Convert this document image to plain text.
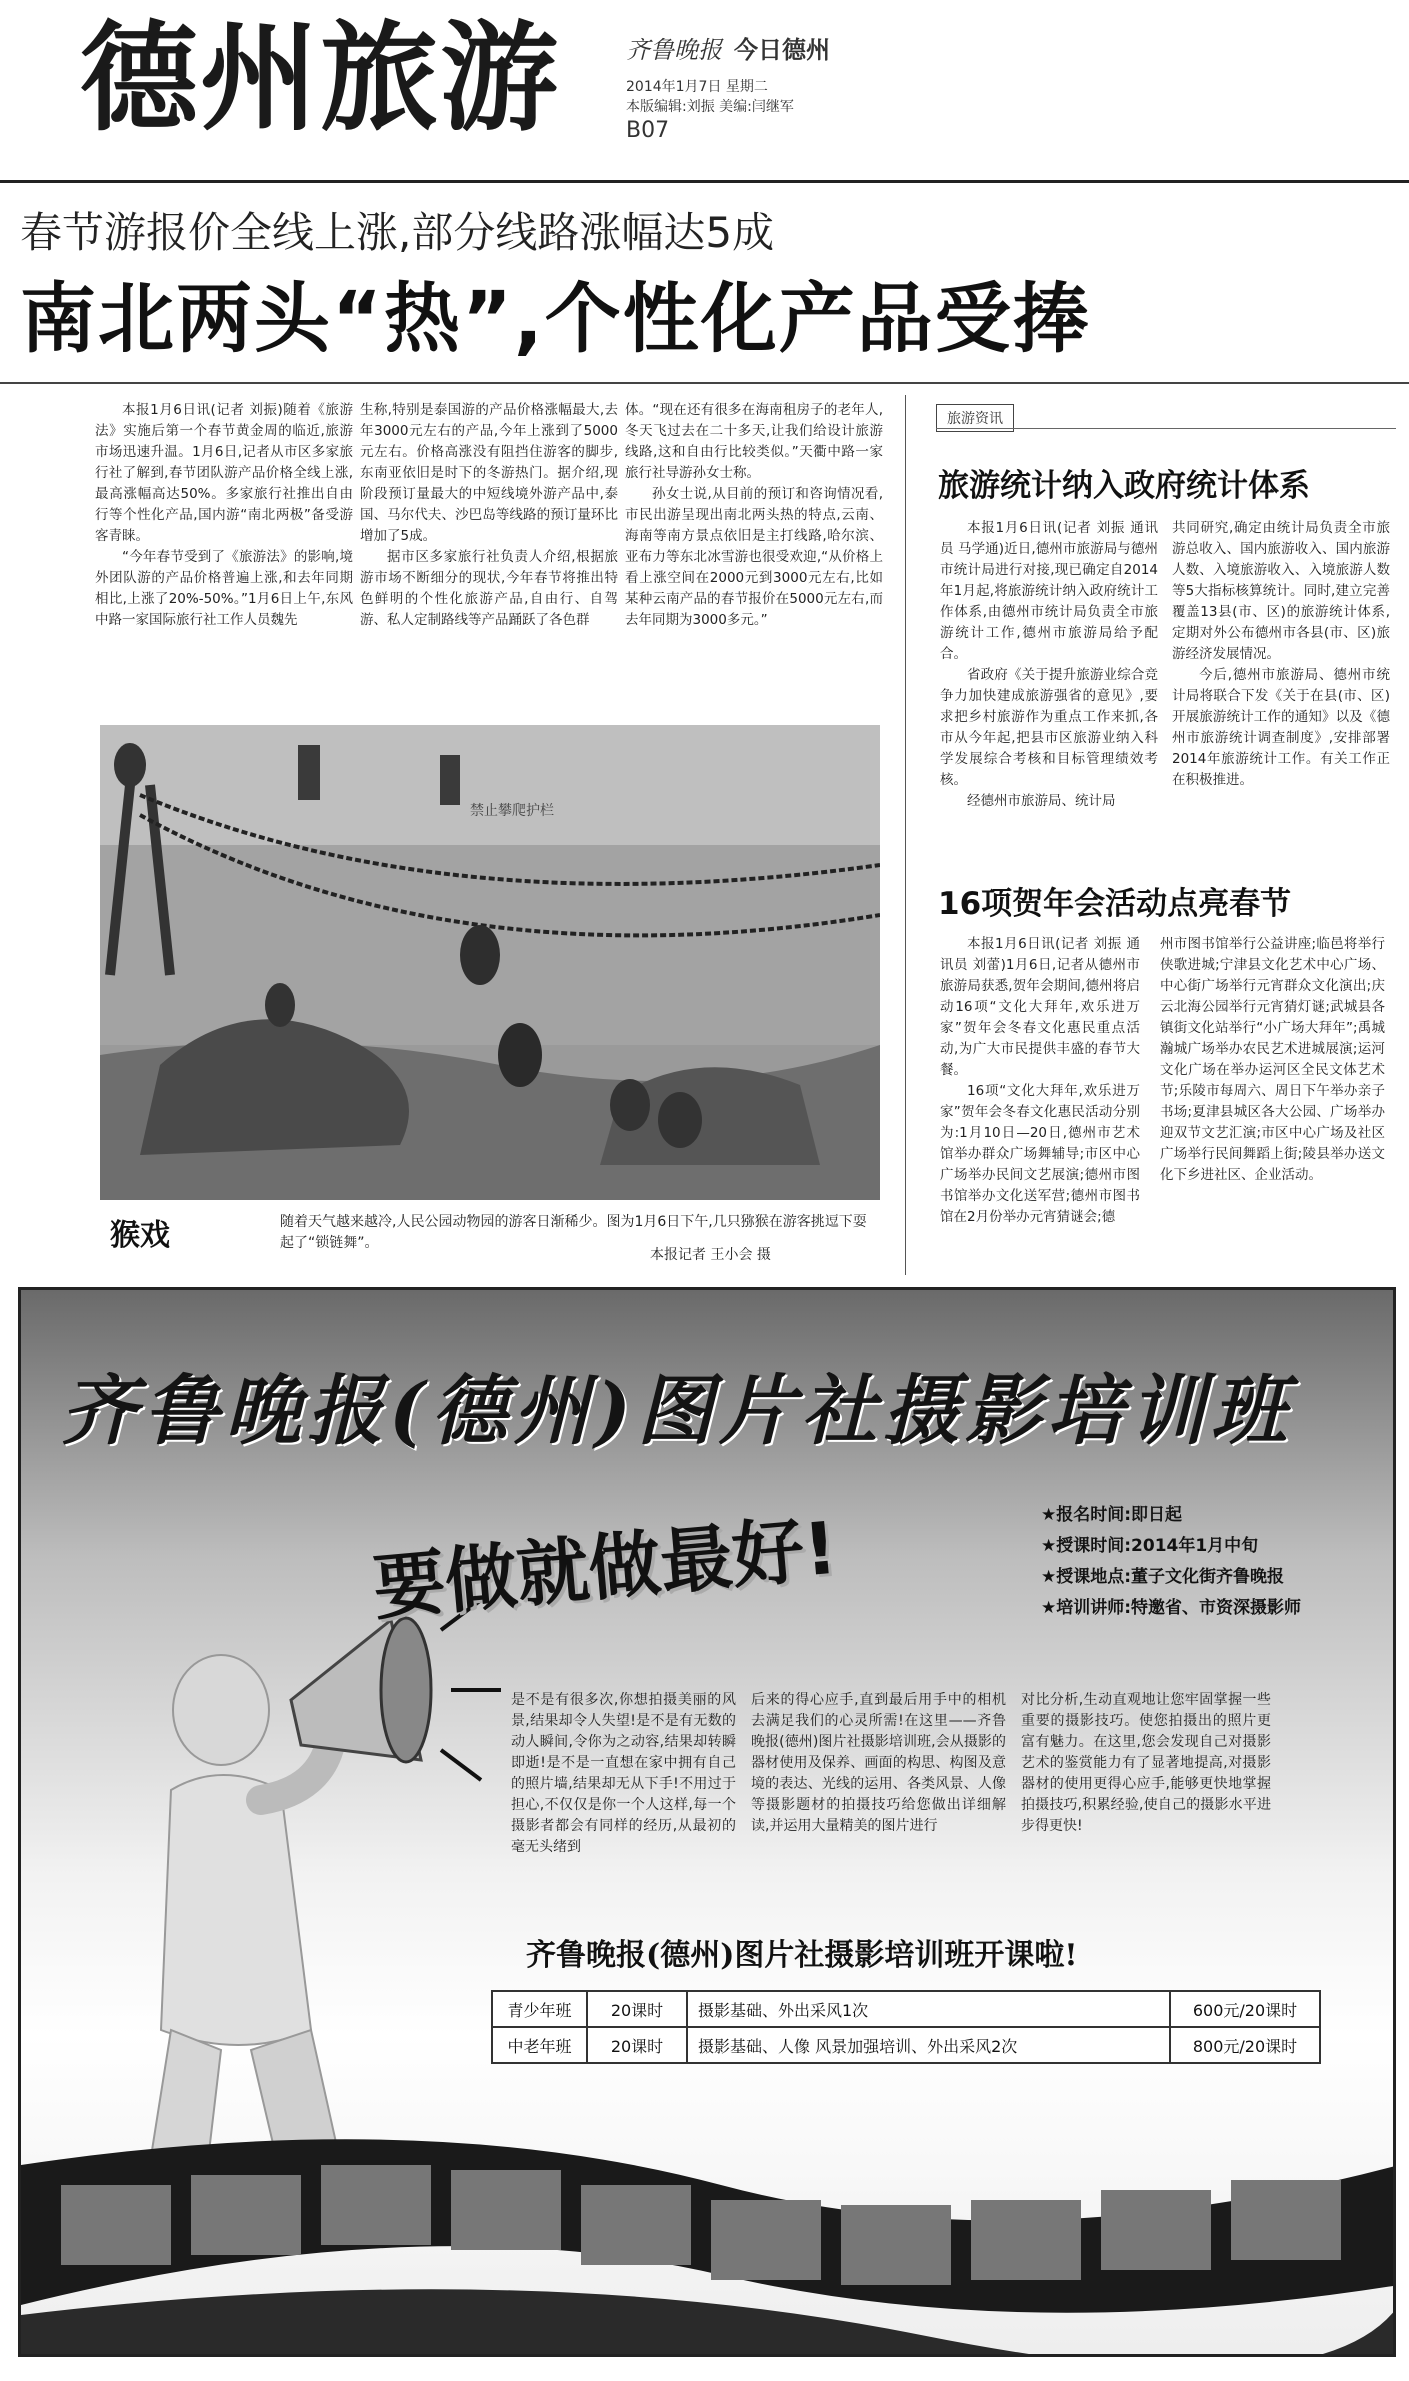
德州旅游	齐鲁晚报 今日德州
2014年1月7日 星期二
本版编辑:刘振 美编:闫继军
B07
春节游报价全线上涨,部分线路涨幅达5成
南北两头“热”,个性化产品受捧

本报1月6日讯(记者 刘振)随着《旅游法》实施后第一个春节黄金周的临近,旅游市场迅速升温。1月6日,记者从市区多家旅行社了解到,春节团队游产品价格全线上涨,最高涨幅高达50%。多家旅行社推出自由行等个性化产品,国内游“南北两极”备受游客青睐。

“今年春节受到了《旅游法》的影响,境外团队游的产品价格普遍上涨,和去年同期相比,上涨了20%-50%。”1月6日上午,东风中路一家国际旅行社工作人员魏先

生称,特别是泰国游的产品价格涨幅最大,去年3000元左右的产品,今年上涨到了5000元左右。价格高涨没有阻挡住游客的脚步,东南亚依旧是时下的冬游热门。据介绍,现阶段预订量最大的中短线境外游产品中,泰国、马尔代夫、沙巴岛等线路的预订量环比增加了5成。

据市区多家旅行社负责人介绍,根据旅游市场不断细分的现状,今年春节将推出特色鲜明的个性化旅游产品,自由行、自驾游、私人定制路线等产品踊跃了各色群

体。“现在还有很多在海南租房子的老年人,冬天飞过去在二十多天,让我们给设计旅游线路,这和自由行比较类似。”天衢中路一家旅行社导游孙女士称。

孙女士说,从目前的预订和咨询情况看,市民出游呈现出南北两头热的特点,云南、海南等南方景点依旧是主打线路,哈尔滨、亚布力等东北冰雪游也很受欢迎,“从价格上看上涨空间在2000元到3000元左右,比如某种云南产品的春节报价在5000元左右,而去年同期为3000多元。”

禁止攀爬护栏
猴戏	随着天气越来越冷,人民公园动物园的游客日渐稀少。图为1月6日下午,几只猕猴在游客挑逗下耍起了“锁链舞”。
本报记者 王小会 摄
旅游资讯
旅游统计纳入政府统计体系

本报1月6日讯(记者 刘振 通讯员 马学通)近日,德州市旅游局与德州市统计局进行对接,现已确定自2014年1月起,将旅游统计纳入政府统计工作体系,由德州市统计局负责全市旅游统计工作,德州市旅游局给予配合。

省政府《关于提升旅游业综合竞争力加快建成旅游强省的意见》,要求把乡村旅游作为重点工作来抓,各市从今年起,把县市区旅游业纳入科学发展综合考核和目标管理绩效考核。

经德州市旅游局、统计局

共同研究,确定由统计局负责全市旅游总收入、国内旅游收入、国内旅游人数、入境旅游收入、入境旅游人数等5大指标核算统计。同时,建立完善覆盖13县(市、区)的旅游统计体系,定期对外公布德州市各县(市、区)旅游经济发展情况。

今后,德州市旅游局、德州市统计局将联合下发《关于在县(市、区)开展旅游统计工作的通知》以及《德州市旅游统计调查制度》,安排部署2014年旅游统计工作。有关工作正在积极推进。

16项贺年会活动点亮春节

本报1月6日讯(记者 刘振 通讯员 刘蕾)1月6日,记者从德州市旅游局获悉,贺年会期间,德州将启动16项“文化大拜年,欢乐进万家”贺年会冬春文化惠民重点活动,为广大市民提供丰盛的春节大餐。

16项“文化大拜年,欢乐进万家”贺年会冬春文化惠民活动分别为:1月10日—20日,德州市艺术馆举办群众广场舞辅导;市区中心广场举办民间文艺展演;德州市图书馆举办文化送军营;德州市图书馆在2月份举办元宵猜谜会;德

州市图书馆举行公益讲座;临邑将举行侠歌进城;宁津县文化艺术中心广场、中心街广场举行元宵群众文化演出;庆云北海公园举行元宵猜灯谜;武城县各镇街文化站举行“小广场大拜年”;禹城瀚城广场举办农民艺术进城展演;运河文化广场在举办运河区全民文体艺术节;乐陵市每周六、周日下午举办亲子书场;夏津县城区各大公园、广场举办迎双节文艺汇演;市区中心广场及社区广场举行民间舞蹈上街;陵县举办送文化下乡进社区、企业活动。

齐鲁晚报(德州)图片社摄影培训班
要做就做最好!	★报名时间:即日起
★授课时间:2014年1月中旬
★授课地点:董子文化街齐鲁晚报
★培训讲师:特邀省、市资深摄影师
是不是有很多次,你想拍摄美丽的风景,结果却令人失望!是不是有无数的动人瞬间,令你为之动容,结果却转瞬即逝!是不是一直想在家中拥有自己的照片墙,结果却无从下手!不用过于担心,不仅仅是你一个人这样,每一个摄影者都会有同样的经历,从最初的毫无头绪到
后来的得心应手,直到最后用手中的相机去满足我们的心灵所需!在这里——齐鲁晚报(德州)图片社摄影培训班,会从摄影的器材使用及保养、画面的构思、构图及意境的表达、光线的运用、各类风景、人像等摄影题材的拍摄技巧给您做出详细解读,并运用大量精美的图片进行
对比分析,生动直观地让您牢固掌握一些重要的摄影技巧。使您拍摄出的照片更富有魅力。在这里,您会发现自己对摄影艺术的鉴赏能力有了显著地提高,对摄影器材的使用更得心应手,能够更快地掌握拍摄技巧,积累经验,使自己的摄影水平进步得更快!
齐鲁晚报(德州)图片社摄影培训班开课啦!
青少年班	20课时	摄影基础、外出采风1次	600元/20课时
中老年班	20课时	摄影基础、人像 风景加强培训、外出采风2次	800元/20课时
